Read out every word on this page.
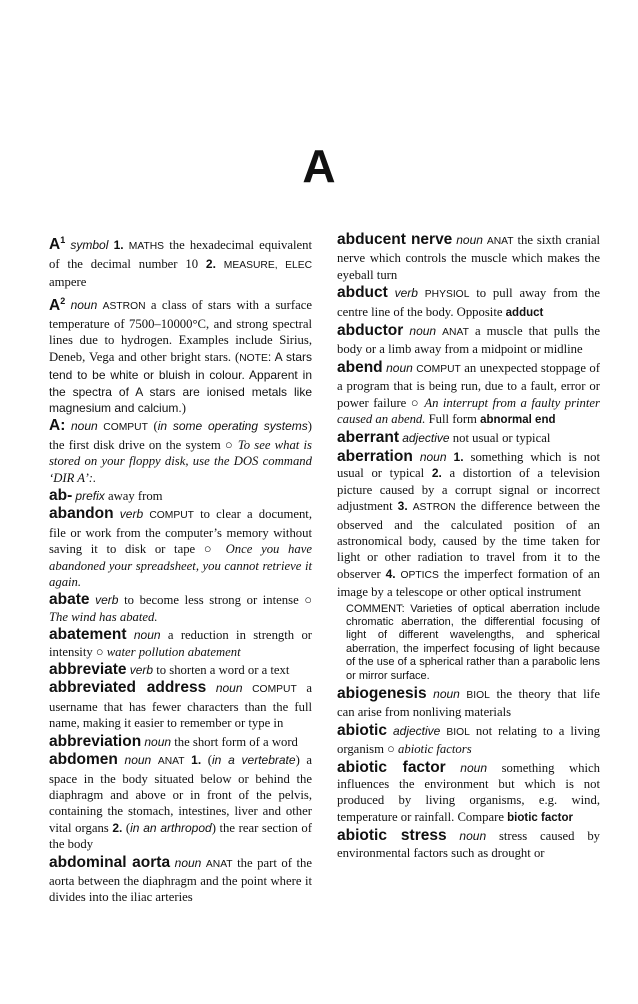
A
$A^1$ symbol 1. MATHS the hexadecimal equivalent of the decimal number 10 2. MEASURE, ELEC ampere
$A^2$ noun ASTRON a class of stars with a surface temperature of 7500–10000°C, and strong spectral lines due to hydrogen. Examples include Sirius, Deneb, Vega and other bright stars. (NOTE: A stars tend to be white or bluish in colour. Apparent in the spectra of A stars are ionised metals like magnesium and calcium.)
A: noun COMPUT (in some operating systems) the first disk drive on the system ○ To see what is stored on your floppy disk, use the DOS command ‘DIR A’:.
ab- prefix away from
abandon verb COMPUT to clear a document, file or work from the computer’s memory without saving it to disk or tape ○ Once you have abandoned your spreadsheet, you cannot retrieve it again.
abate verb to become less strong or intense ○ The wind has abated.
abatement noun a reduction in strength or intensity ○ water pollution abatement
abbreviate verb to shorten a word or a text
abbreviated address noun COMPUT a username that has fewer characters than the full name, making it easier to remember or type in
abbreviation noun the short form of a word
abdomen noun ANAT 1. (in a vertebrate) a space in the body situated below or behind the diaphragm and above or in front of the pelvis, containing the stomach, intestines, liver and other vital organs 2. (in an arthropod) the rear section of the body
abdominal aorta noun ANAT the part of the aorta between the diaphragm and the point where it divides into the iliac arteries
abducent nerve noun ANAT the sixth cranial nerve which controls the muscle which makes the eyeball turn
abduct verb PHYSIOL to pull away from the centre line of the body. Opposite adduct
abductor noun ANAT a muscle that pulls the body or a limb away from a midpoint or midline
abend noun COMPUT an unexpected stoppage of a program that is being run, due to a fault, error or power failure ○ An interrupt from a faulty printer caused an abend. Full form abnormal end
aberrant adjective not usual or typical
aberration noun 1. something which is not usual or typical 2. a distortion of a television picture caused by a corrupt signal or incorrect adjustment 3. ASTRON the difference between the observed and the calculated position of an astronomical body, caused by the time taken for light or other radiation to travel from it to the observer 4. OPTICS the imperfect formation of an image by a telescope or other optical instrument
COMMENT: Varieties of optical aberration include chromatic aberration, the differential focusing of light of different wavelengths, and spherical aberration, the imperfect focusing of light because of the use of a spherical rather than a parabolic lens or mirror surface.
abiogenesis noun BIOL the theory that life can arise from nonliving materials
abiotic adjective BIOL not relating to a living organism ○ abiotic factors
abiotic factor noun something which influences the environment but which is not produced by living organisms, e.g. wind, temperature or rainfall. Compare biotic factor
abiotic stress noun stress caused by environmental factors such as drought or
